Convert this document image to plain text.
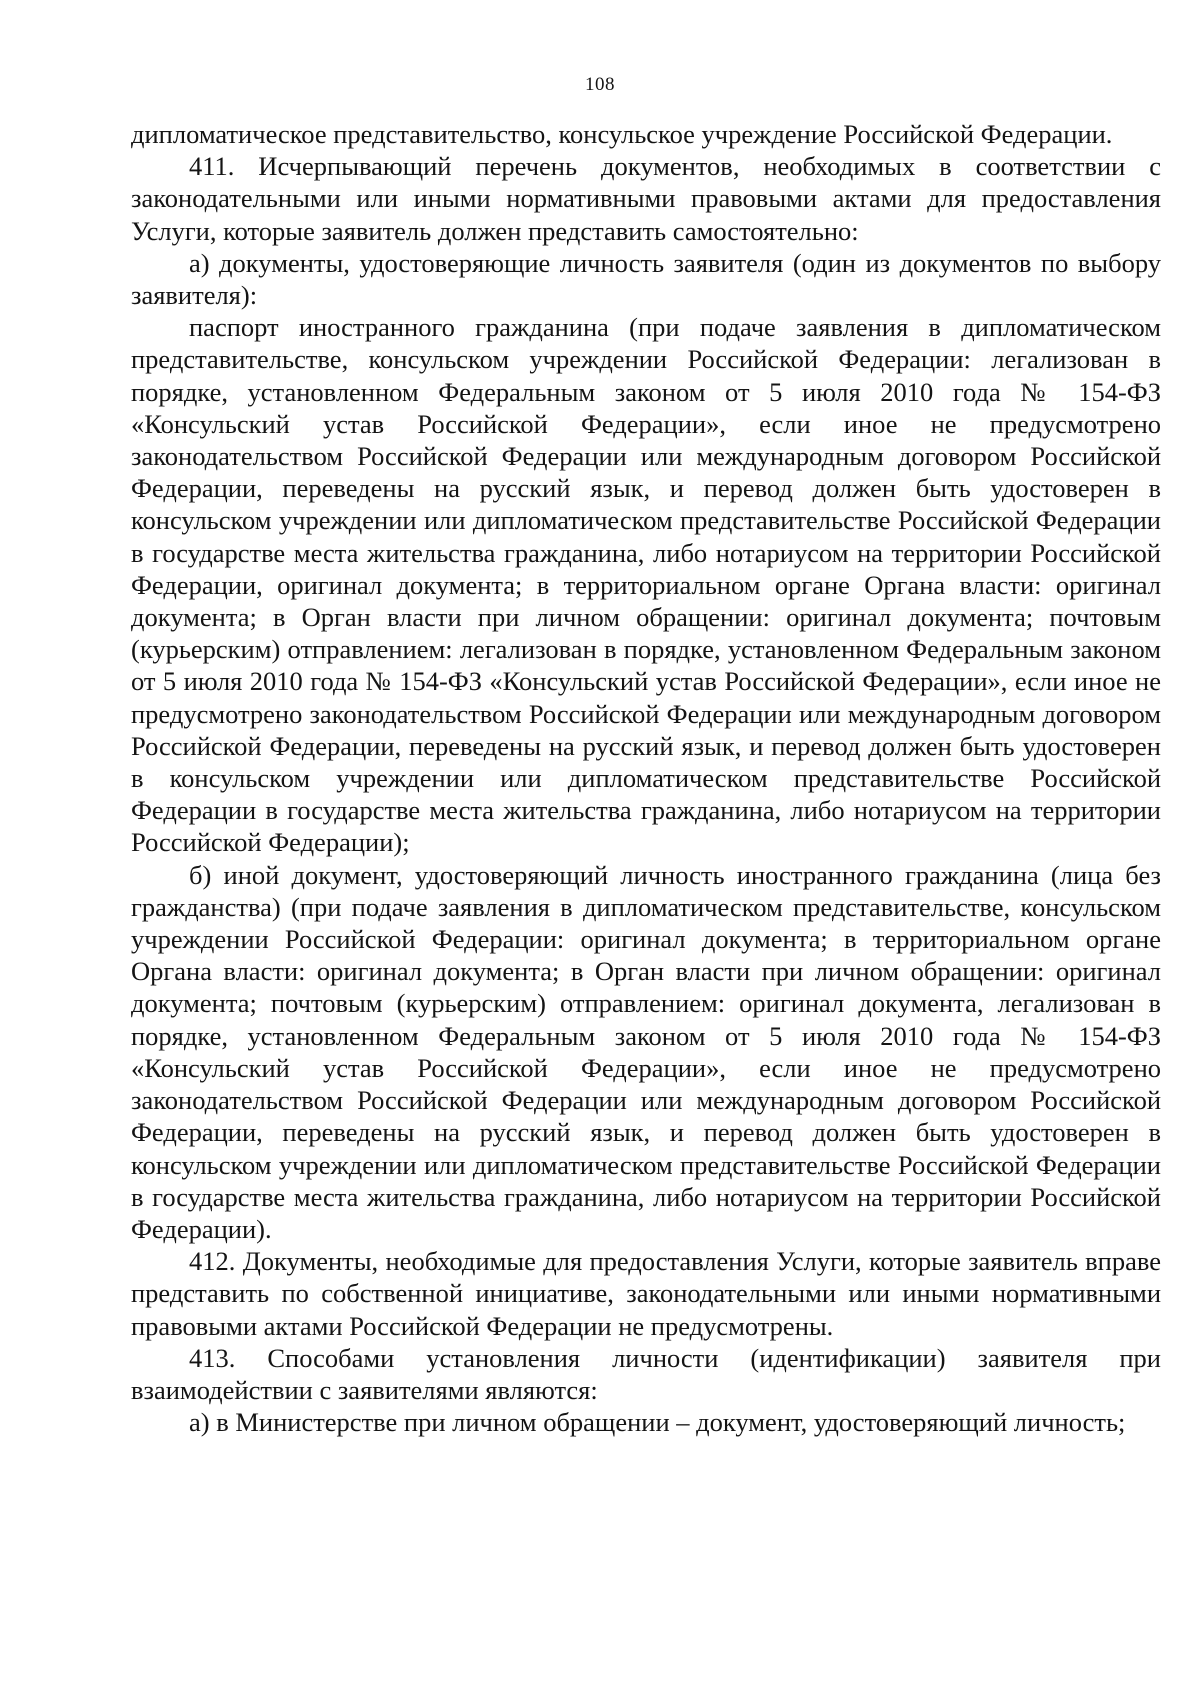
108

дипломатическое представительство, консульское учреждение Российской Федерации.

411. Исчерпывающий перечень документов, необходимых в соответствии с законодательными или иными нормативными правовыми актами для предоставления Услуги, которые заявитель должен представить самостоятельно:

а) документы, удостоверяющие личность заявителя (один из документов по выбору заявителя):

паспорт иностранного гражданина (при подаче заявления в дипломатическом представительстве, консульском учреждении Российской Федерации: легализован в порядке, установленном Федеральным законом от 5 июля 2010 года № 154-ФЗ «Консульский устав Российской Федерации», если иное не предусмотрено законодательством Российской Федерации или международным договором Российской Федерации, переведены на русский язык, и перевод должен быть удостоверен в консульском учреждении или дипломатическом представительстве Российской Федерации в государстве места жительства гражданина, либо нотариусом на территории Российской Федерации, оригинал документа; в территориальном органе Органа власти: оригинал документа; в Орган власти при личном обращении: оригинал документа; почтовым (курьерским) отправлением: легализован в порядке, установленном Федеральным законом от 5 июля 2010 года № 154-ФЗ «Консульский устав Российской Федерации», если иное не предусмотрено законодательством Российской Федерации или международным договором Российской Федерации, переведены на русский язык, и перевод должен быть удостоверен в консульском учреждении или дипломатическом представительстве Российской Федерации в государстве места жительства гражданина, либо нотариусом на территории Российской Федерации);

б) иной документ, удостоверяющий личность иностранного гражданина (лица без гражданства) (при подаче заявления в дипломатическом представительстве, консульском учреждении Российской Федерации: оригинал документа; в территориальном органе Органа власти: оригинал документа; в Орган власти при личном обращении: оригинал документа; почтовым (курьерским) отправлением: оригинал документа, легализован в порядке, установленном Федеральным законом от 5 июля 2010 года № 154-ФЗ «Консульский устав Российской Федерации», если иное не предусмотрено законодательством Российской Федерации или международным договором Российской Федерации, переведены на русский язык, и перевод должен быть удостоверен в консульском учреждении или дипломатическом представительстве Российской Федерации в государстве места жительства гражданина, либо нотариусом на территории Российской Федерации).

412. Документы, необходимые для предоставления Услуги, которые заявитель вправе представить по собственной инициативе, законодательными или иными нормативными правовыми актами Российской Федерации не предусмотрены.

413. Способами установления личности (идентификации) заявителя при взаимодействии с заявителями являются:

а) в Министерстве при личном обращении – документ, удостоверяющий личность;
